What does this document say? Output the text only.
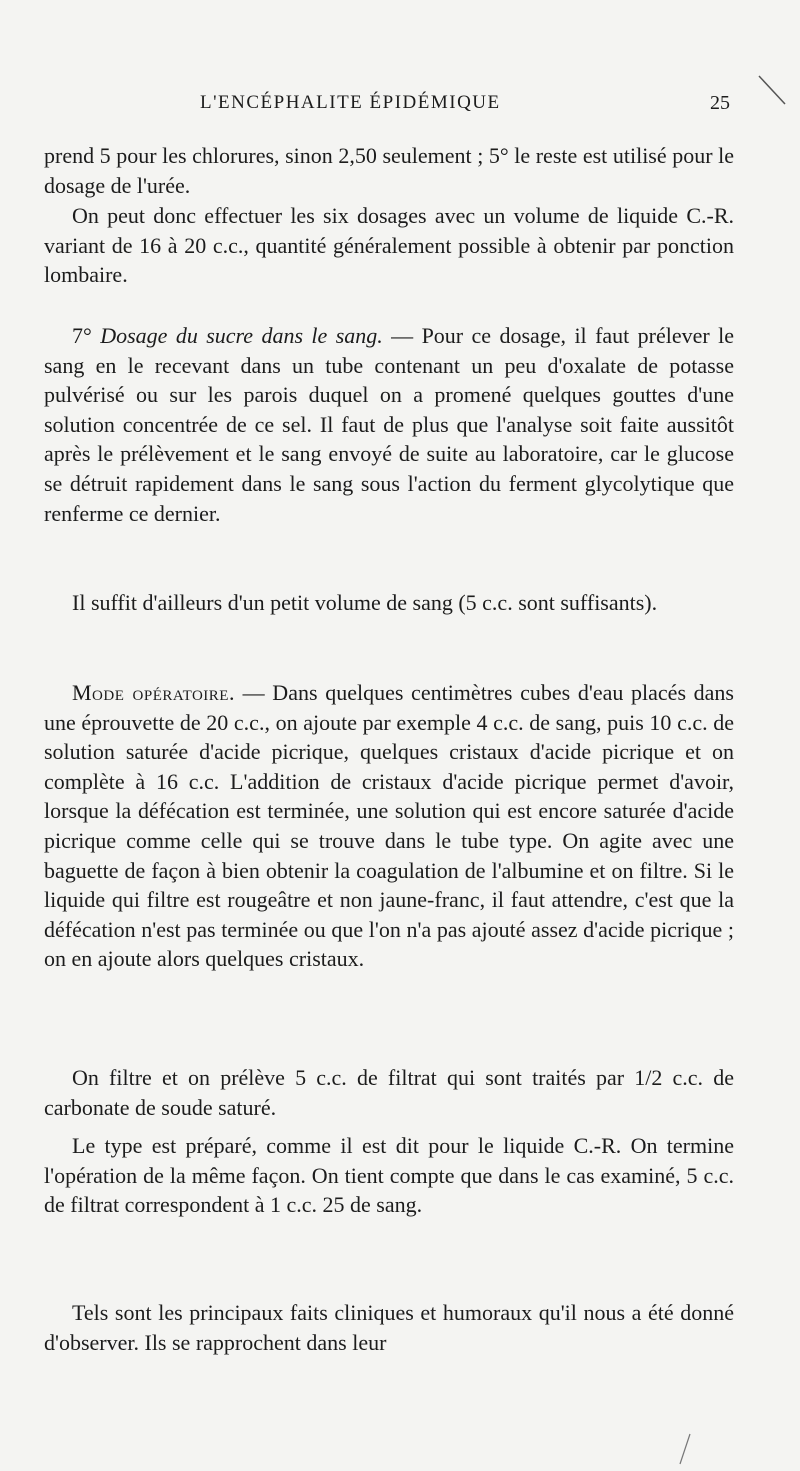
L'ENCÉPHALITE ÉPIDÉMIQUE	25

prend 5 pour les chlorures, sinon 2,50 seulement ; 5° le reste est utilisé pour le dosage de l'urée.

On peut donc effectuer les six dosages avec un volume de liquide C.-R. variant de 16 à 20 c.c., quantité généralement possible à obtenir par ponction lombaire.

7° Dosage du sucre dans le sang. — Pour ce dosage, il faut prélever le sang en le recevant dans un tube contenant un peu d'oxalate de potasse pulvérisé ou sur les parois duquel on a promené quelques gouttes d'une solution concentrée de ce sel. Il faut de plus que l'analyse soit faite aussitôt après le prélèvement et le sang envoyé de suite au laboratoire, car le glucose se détruit rapidement dans le sang sous l'action du ferment glycolytique que renferme ce dernier.

Il suffit d'ailleurs d'un petit volume de sang (5 c.c. sont suffisants).

Mode opératoire. — Dans quelques centimètres cubes d'eau placés dans une éprouvette de 20 c.c., on ajoute par exemple 4 c.c. de sang, puis 10 c.c. de solution saturée d'acide picrique, quelques cristaux d'acide picrique et on complète à 16 c.c. L'addition de cristaux d'acide picrique permet d'avoir, lorsque la défécation est terminée, une solution qui est encore saturée d'acide picrique comme celle qui se trouve dans le tube type. On agite avec une baguette de façon à bien obtenir la coagulation de l'albumine et on filtre. Si le liquide qui filtre est rougeâtre et non jaune-franc, il faut attendre, c'est que la défécation n'est pas terminée ou que l'on n'a pas ajouté assez d'acide picrique ; on en ajoute alors quelques cristaux.

On filtre et on prélève 5 c.c. de filtrat qui sont traités par 1/2 c.c. de carbonate de soude saturé.

Le type est préparé, comme il est dit pour le liquide C.-R. On termine l'opération de la même façon. On tient compte que dans le cas examiné, 5 c.c. de filtrat correspondent à 1 c.c. 25 de sang.

Tels sont les principaux faits cliniques et humoraux qu'il nous a été donné d'observer. Ils se rapprochent dans leur
